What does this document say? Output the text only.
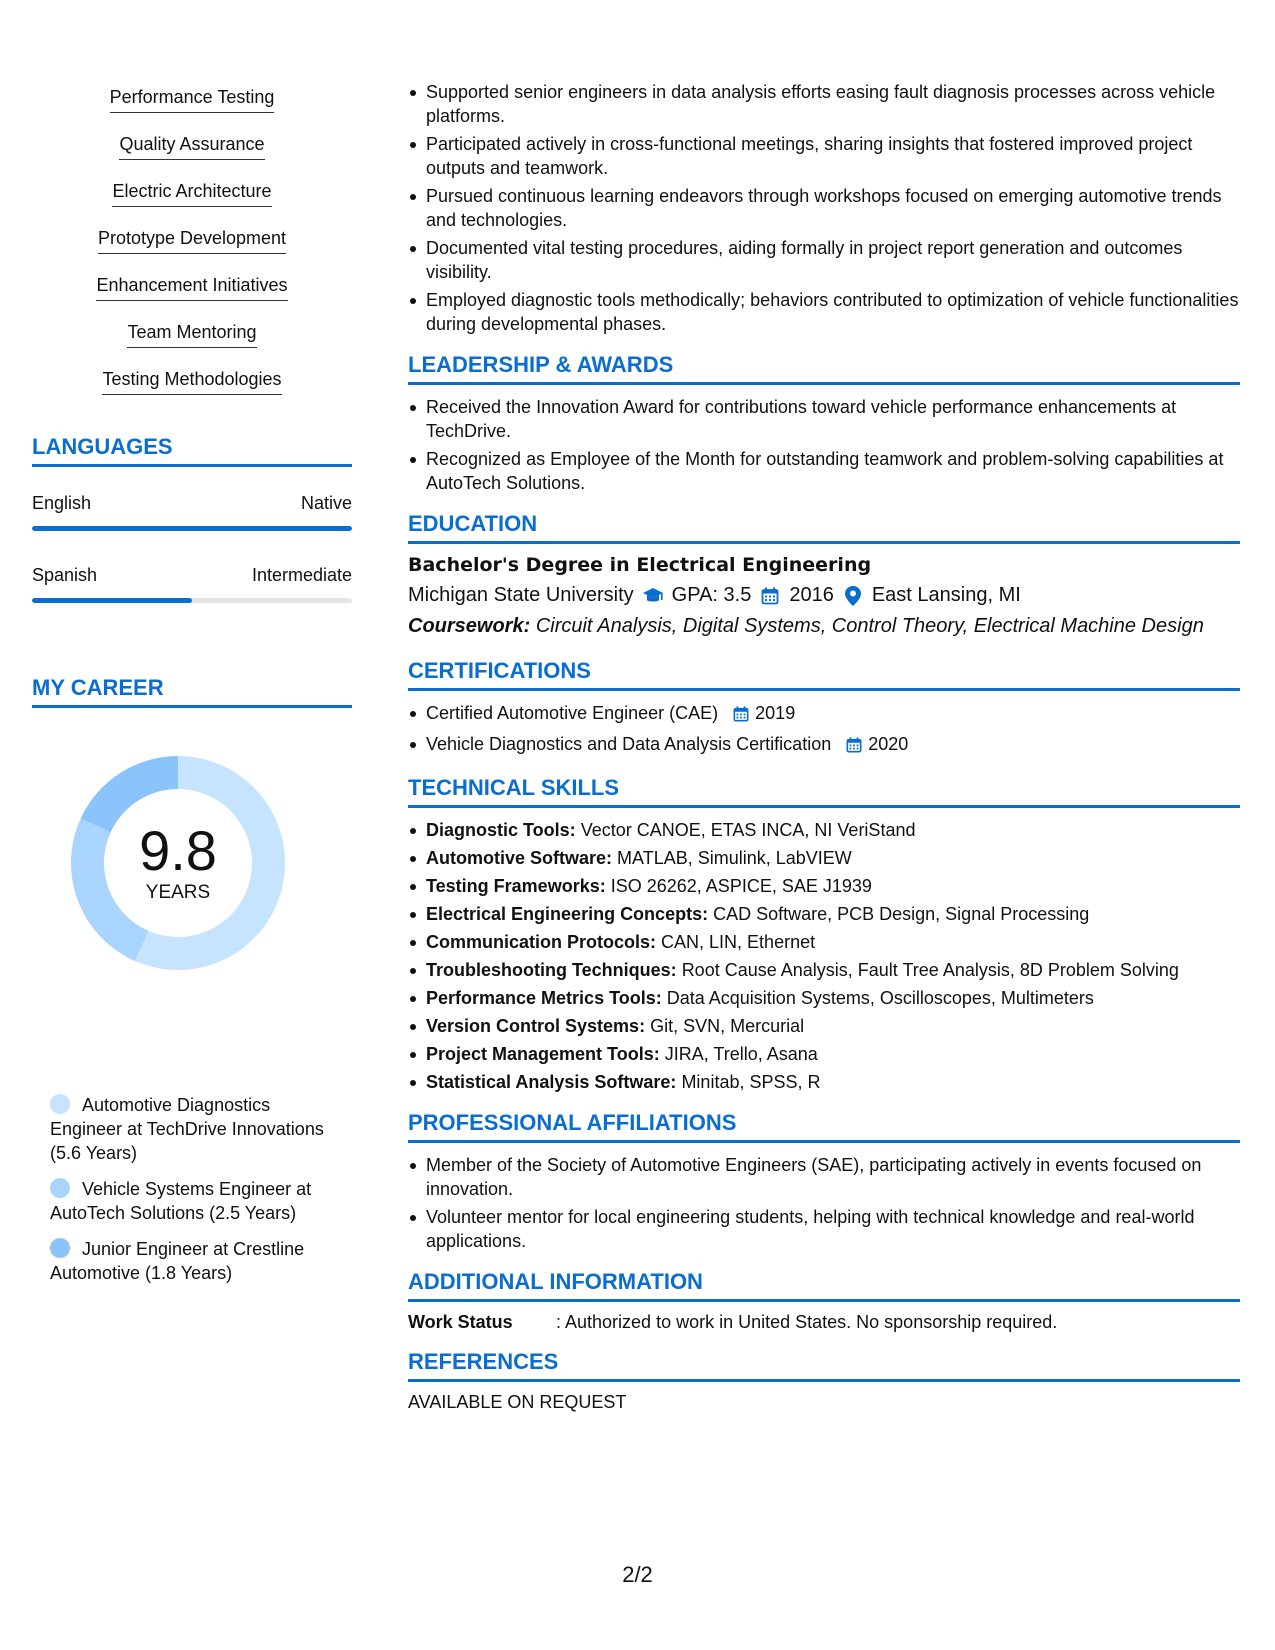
Performance Testing
Quality Assurance
Electric Architecture
Prototype Development
Enhancement Initiatives
Team Mentoring
Testing Methodologies
LANGUAGES
English	Native
Spanish	Intermediate
MY CAREER
9.8
YEARS
Automotive Diagnostics Engineer at TechDrive Innovations (5.6 Years)
Vehicle Systems Engineer at AutoTech Solutions (2.5 Years)
Junior Engineer at Crestline Automotive (1.8 Years)
Supported senior engineers in data analysis efforts easing fault diagnosis processes across vehicle platforms.
Participated actively in cross-functional meetings, sharing insights that fostered improved project outputs and teamwork.
Pursued continuous learning endeavors through workshops focused on emerging automotive trends and technologies.
Documented vital testing procedures, aiding formally in project report generation and outcomes visibility.
Employed diagnostic tools methodically; behaviors contributed to optimization of vehicle functionalities during developmental phases.
LEADERSHIP & AWARDS
Received the Innovation Award for contributions toward vehicle performance enhancements at TechDrive.
Recognized as Employee of the Month for outstanding teamwork and problem-solving capabilities at AutoTech Solutions.
EDUCATION
Bachelor's Degree in Electrical Engineering
Michigan State University GPA: 3.5 2016 East Lansing, MI
Coursework: Circuit Analysis, Digital Systems, Control Theory, Electrical Machine Design
CERTIFICATIONS
Certified Automotive Engineer (CAE) 2019
Vehicle Diagnostics and Data Analysis Certification 2020
TECHNICAL SKILLS
Diagnostic Tools: Vector CANOE, ETAS INCA, NI VeriStand
Automotive Software: MATLAB, Simulink, LabVIEW
Testing Frameworks: ISO 26262, ASPICE, SAE J1939
Electrical Engineering Concepts: CAD Software, PCB Design, Signal Processing
Communication Protocols: CAN, LIN, Ethernet
Troubleshooting Techniques: Root Cause Analysis, Fault Tree Analysis, 8D Problem Solving
Performance Metrics Tools: Data Acquisition Systems, Oscilloscopes, Multimeters
Version Control Systems: Git, SVN, Mercurial
Project Management Tools: JIRA, Trello, Asana
Statistical Analysis Software: Minitab, SPSS, R
PROFESSIONAL AFFILIATIONS
Member of the Society of Automotive Engineers (SAE), participating actively in events focused on innovation.
Volunteer mentor for local engineering students, helping with technical knowledge and real-world applications.
ADDITIONAL INFORMATION
Work Status	: Authorized to work in United States. No sponsorship required.
REFERENCES
AVAILABLE ON REQUEST
2/2
